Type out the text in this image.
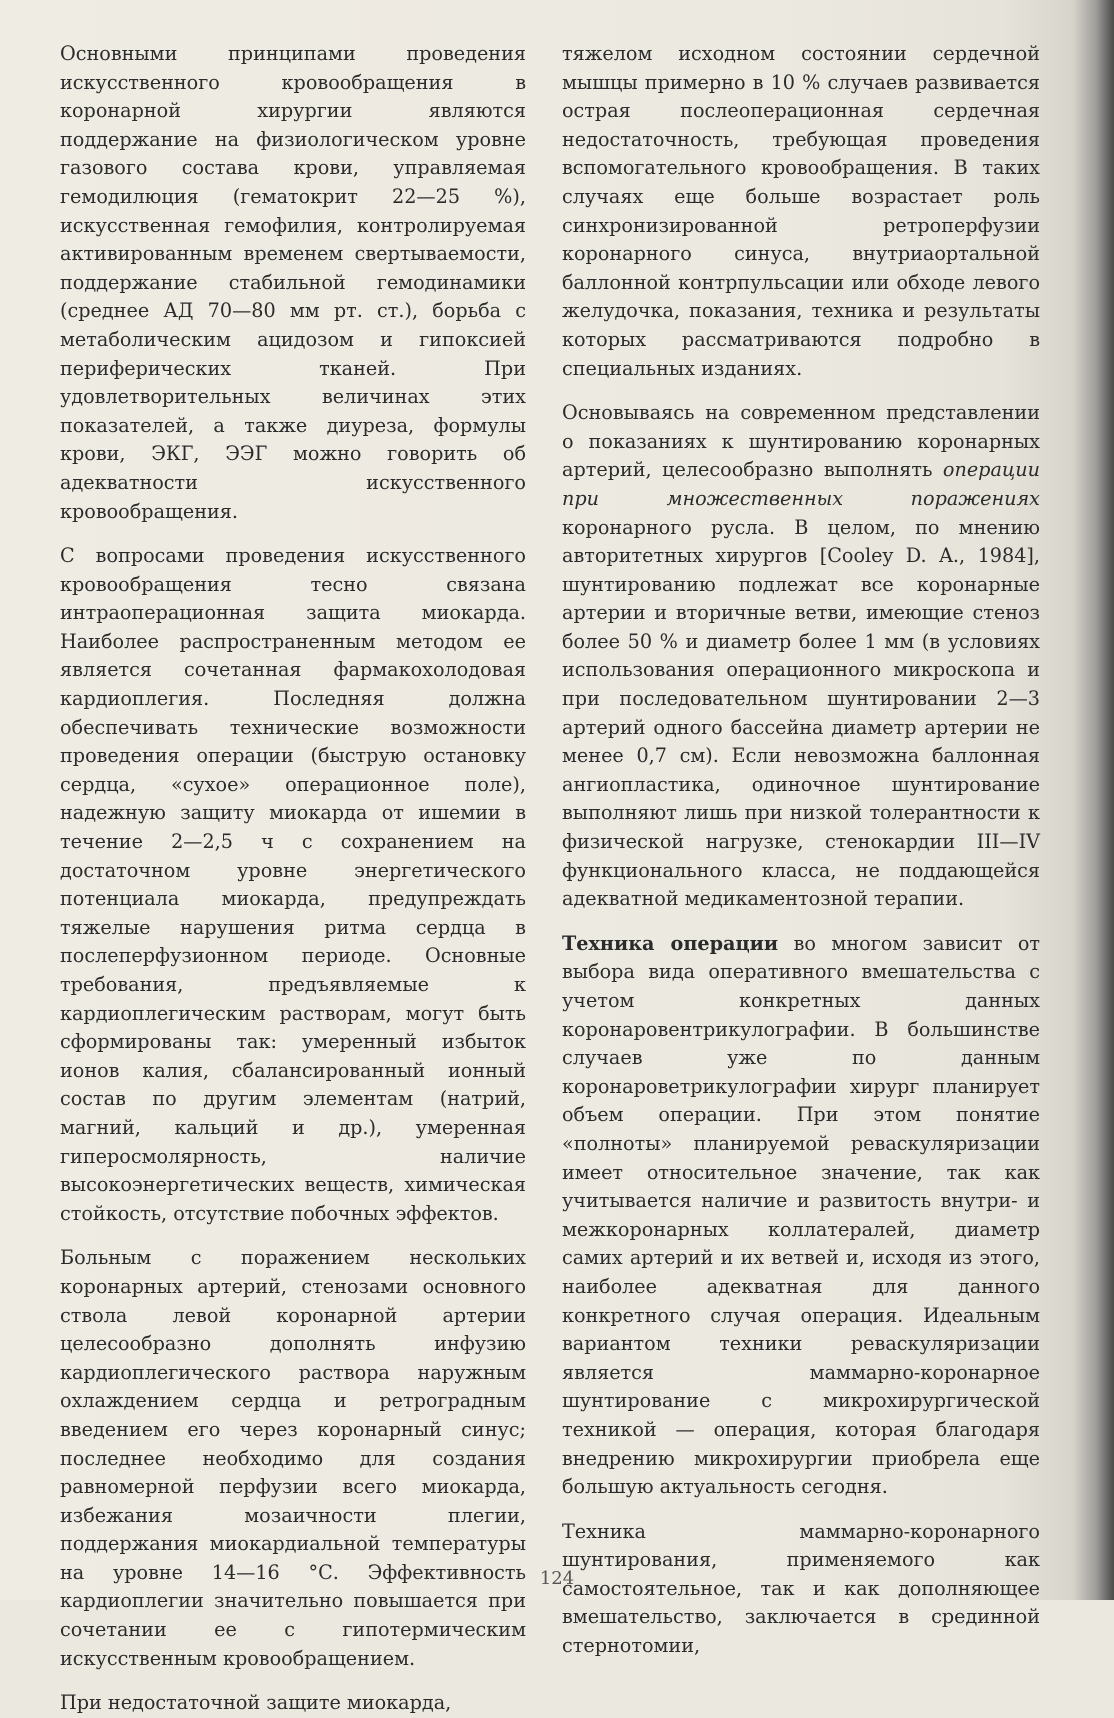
Основными принципами проведения искусственного кровообращения в коронарной хирургии являются поддержание на физиологическом уровне газового состава крови, управляемая гемодилюция (гематокрит 22—25 %), искусственная гемофилия, контролируемая активированным временем свертываемости, поддержание стабильной гемодинамики (среднее АД 70—80 мм рт. ст.), борьба с метаболическим ацидозом и гипоксией периферических тканей. При удовлетворительных величинах этих показателей, а также диуреза, формулы крови, ЭКГ, ЭЭГ можно говорить об адекватности искусственного кровообращения.

С вопросами проведения искусственного кровообращения тесно связана интраоперационная защита миокарда. Наиболее распространенным методом ее является сочетанная фармакохолодовая кардиоплегия. Последняя должна обеспечивать технические возможности проведения операции (быструю остановку сердца, «сухое» операционное поле), надежную защиту миокарда от ишемии в течение 2—2,5 ч с сохранением на достаточном уровне энергетического потенциала миокарда, предупреждать тяжелые нарушения ритма сердца в послеперфузионном периоде. Основные требования, предъявляемые к кардиоплегическим растворам, могут быть сформированы так: умеренный избыток ионов калия, сбалансированный ионный состав по другим элементам (натрий, магний, кальций и др.), умеренная гиперосмолярность, наличие высокоэнергетических веществ, химическая стойкость, отсутствие побочных эффектов.

Больным с поражением нескольких коронарных артерий, стенозами основного ствола левой коронарной артерии целесообразно дополнять инфузию кардиоплегического раствора наружным охлаждением сердца и ретроградным введением его через коронарный синус; последнее необходимо для создания равномерной перфузии всего миокарда, избежания мозаичности плегии, поддержания миокардиальной температуры на уровне 14—16 °С. Эффективность кардиоплегии значительно повышается при сочетании ее с гипотермическим искусственным кровообращением.

При недостаточной защите миокарда,

тяжелом исходном состоянии сердечной мышцы примерно в 10 % случаев развивается острая послеоперационная сердечная недостаточность, требующая проведения вспомогательного кровообращения. В таких случаях еще больше возрастает роль синхронизированной ретроперфузии коронарного синуса, внутриаортальной баллонной контрпульсации или обходе левого желудочка, показания, техника и результаты которых рассматриваются подробно в специальных изданиях.

Основываясь на современном представлении о показаниях к шунтированию коронарных артерий, целесообразно выполнять операции при множественных поражениях коронарного русла. В целом, по мнению авторитетных хирургов [Cooley D. A., 1984], шунтированию подлежат все коронарные артерии и вторичные ветви, имеющие стеноз более 50 % и диаметр более 1 мм (в условиях использования операционного микроскопа и при последовательном шунтировании 2—3 артерий одного бассейна диаметр артерии не менее 0,7 см). Если невозможна баллонная ангиопластика, одиночное шунтирование выполняют лишь при низкой толерантности к физической нагрузке, стенокардии III—IV функционального класса, не поддающейся адекватной медикаментозной терапии.

Техника операции во многом зависит от выбора вида оперативного вмешательства с учетом конкретных данных коронаровентрикулографии. В большинстве случаев уже по данным коронароветрикулографии хирург планирует объем операции. При этом понятие «полноты» планируемой реваскуляризации имеет относительное значение, так как учитывается наличие и развитость внутри- и межкоронарных коллатералей, диаметр самих артерий и их ветвей и, исходя из этого, наиболее адекватная для данного конкретного случая операция. Идеальным вариантом техники реваскуляризации является маммарно-коронарное шунтирование с микрохирургической техникой — операция, которая благодаря внедрению микрохирургии приобрела еще большую актуальность сегодня.

Техника маммарно-коронарного шунтирования, применяемого как самостоятельное, так и как дополняющее вмешательство, заключается в срединной стернотомии,

124
